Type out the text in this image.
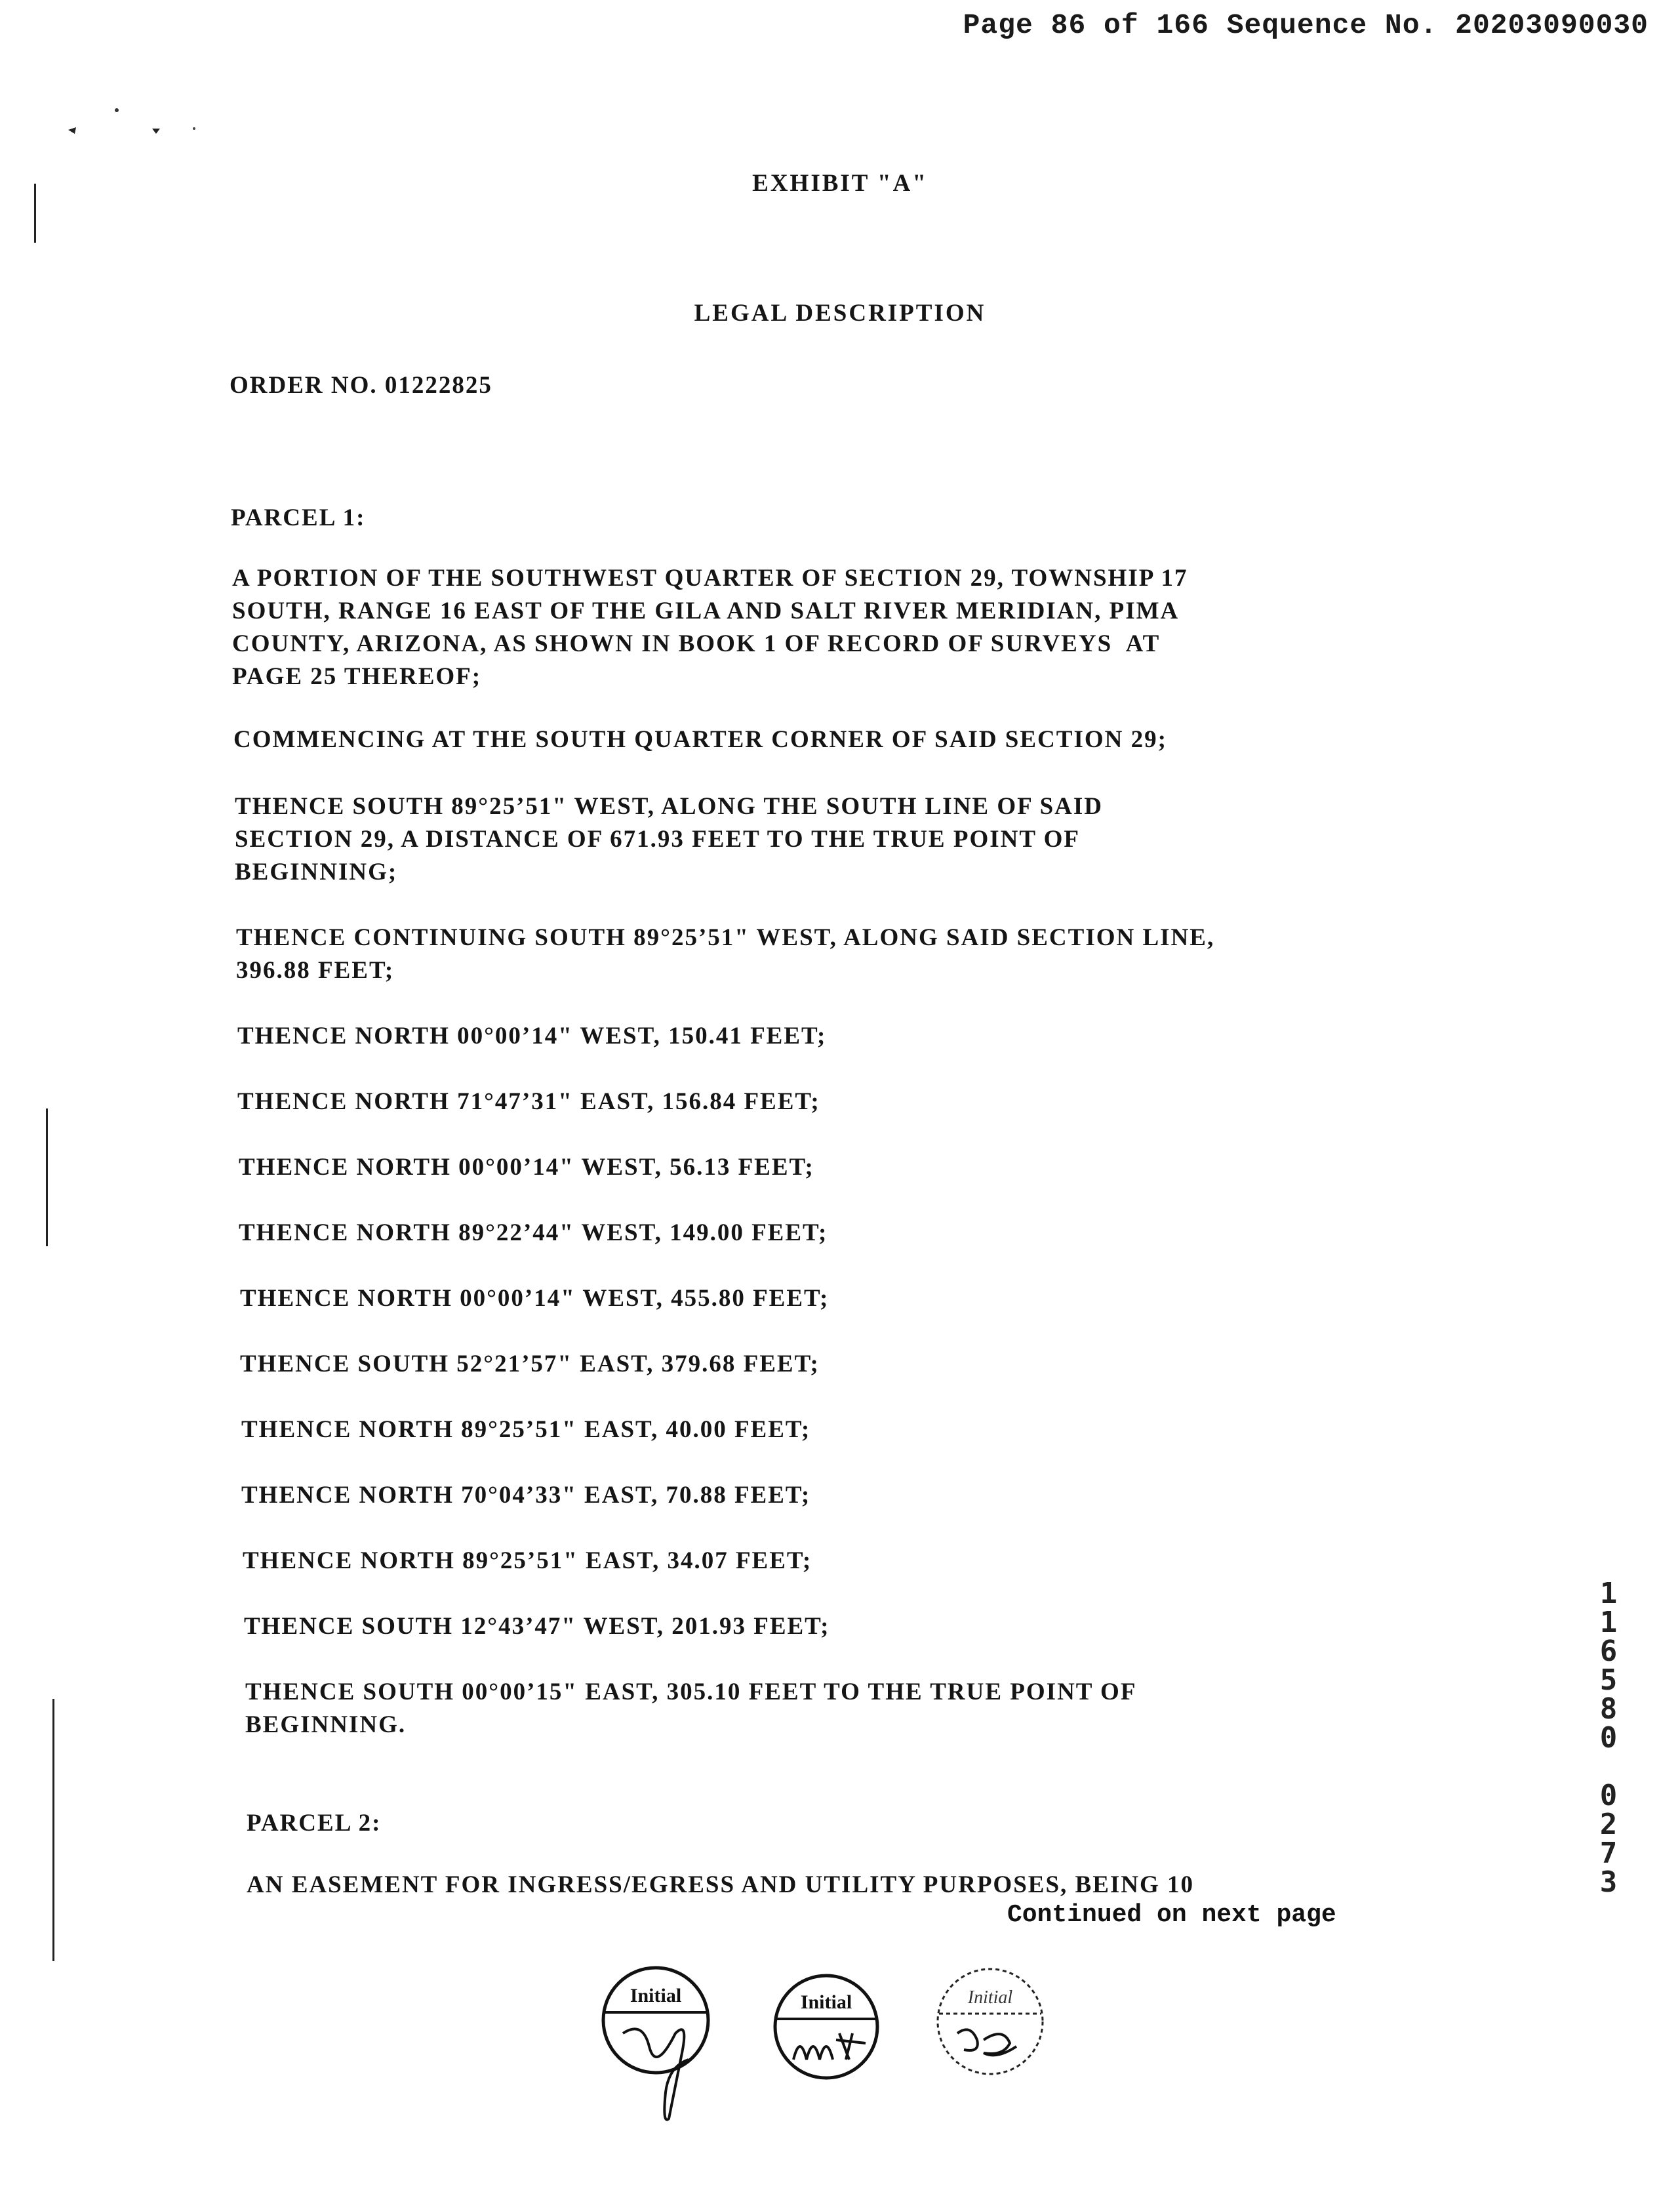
Page 86 of 166 Sequence No. 20203090030
EXHIBIT "A"
LEGAL DESCRIPTION
ORDER NO. 01222825
PARCEL 1:
A PORTION OF THE SOUTHWEST QUARTER OF SECTION 29, TOWNSHIP 17
SOUTH, RANGE 16 EAST OF THE GILA AND SALT RIVER MERIDIAN, PIMA
COUNTY, ARIZONA, AS SHOWN IN BOOK 1 OF RECORD OF SURVEYS  AT
PAGE 25 THEREOF;
COMMENCING AT THE SOUTH QUARTER CORNER OF SAID SECTION 29;
THENCE SOUTH 89°25’51" WEST, ALONG THE SOUTH LINE OF SAID
SECTION 29, A DISTANCE OF 671.93 FEET TO THE TRUE POINT OF
BEGINNING;
THENCE CONTINUING SOUTH 89°25’51" WEST, ALONG SAID SECTION LINE,
396.88 FEET;
THENCE NORTH 00°00’14" WEST, 150.41 FEET;
THENCE NORTH 71°47’31" EAST, 156.84 FEET;
THENCE NORTH 00°00’14" WEST, 56.13 FEET;
THENCE NORTH 89°22’44" WEST, 149.00 FEET;
THENCE NORTH 00°00’14" WEST, 455.80 FEET;
THENCE SOUTH 52°21’57" EAST, 379.68 FEET;
THENCE NORTH 89°25’51" EAST, 40.00 FEET;
THENCE NORTH 70°04’33" EAST, 70.88 FEET;
THENCE NORTH 89°25’51" EAST, 34.07 FEET;
THENCE SOUTH 12°43’47" WEST, 201.93 FEET;
THENCE SOUTH 00°00’15" EAST, 305.10 FEET TO THE TRUE POINT OF
BEGINNING.
PARCEL 2:
AN EASEMENT FOR INGRESS/EGRESS AND UTILITY PURPOSES, BEING 10
Continued on next page
1
1
6
5
8
0
0
2
7
3
Initial	Initial	Initial
